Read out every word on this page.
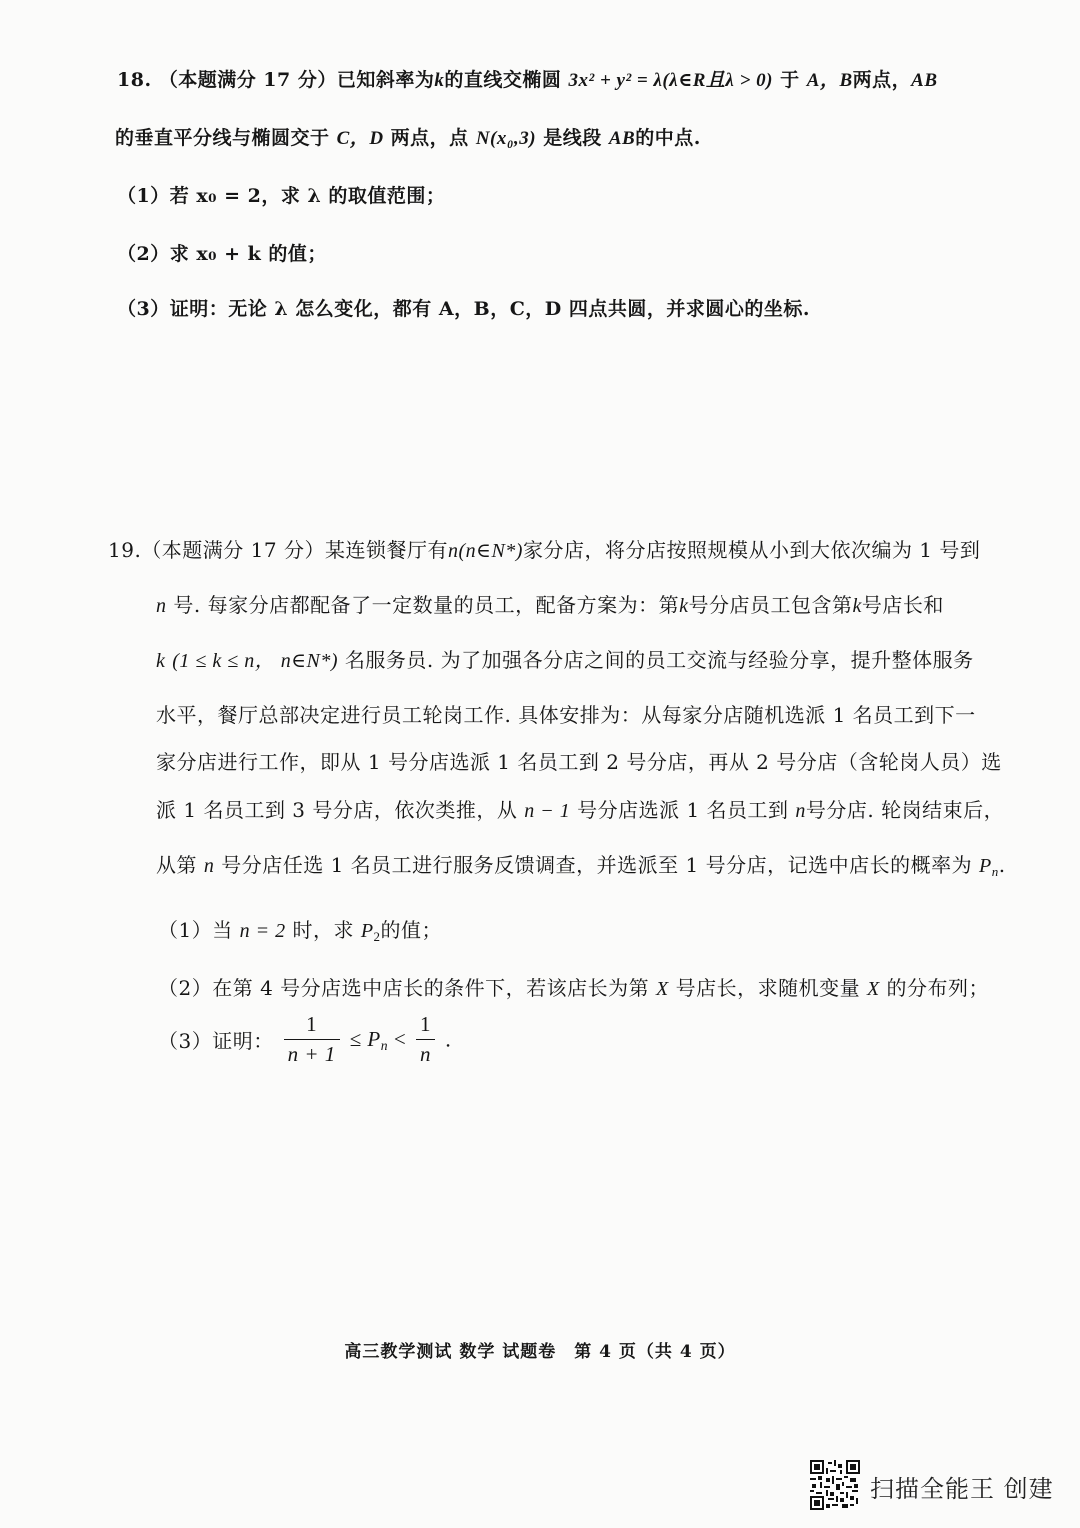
18. （本题满分 17 分）已知斜率为k的直线交椭圆 3x² + y² = λ(λ∈R且λ > 0) 于 A，B两点，AB
的垂直平分线与椭圆交于 C，D 两点，点 N(x₀,3) 是线段 AB的中点.
（1）若 x₀ = 2，求 λ 的取值范围；
（2）求 x₀ + k 的值；
（3）证明：无论 λ 怎么变化，都有 A，B，C，D 四点共圆，并求圆心的坐标.
19.（本题满分 17 分）某连锁餐厅有n(n∈N*)家分店，将分店按照规模从小到大依次编为 1 号到
n 号. 每家分店都配备了一定数量的员工，配备方案为：第k号分店员工包含第k号店长和
k (1 ≤ k ≤ n， n∈N*) 名服务员. 为了加强各分店之间的员工交流与经验分享，提升整体服务
水平，餐厅总部决定进行员工轮岗工作. 具体安排为：从每家分店随机选派 1 名员工到下一
家分店进行工作，即从 1 号分店选派 1 名员工到 2 号分店，再从 2 号分店（含轮岗人员）选
派 1 名员工到 3 号分店，依次类推，从 n − 1 号分店选派 1 名员工到 n号分店. 轮岗结束后，
从第 n 号分店任选 1 名员工进行服务反馈调查，并选派至 1 号分店，记选中店长的概率为 $P_n$.
（1）当 n = 2 时，求 $P_2$的值；
（2）在第 4 号分店选中店长的条件下，若该店长为第 X 号店长，求随机变量 X 的分布列；
（3）证明： $\frac{1}{n + 1} \le P_n < \frac{1}{n}$ .
高三教学测试 数学 试题卷　第 4 页（共 4 页）
扫描全能王 创建
